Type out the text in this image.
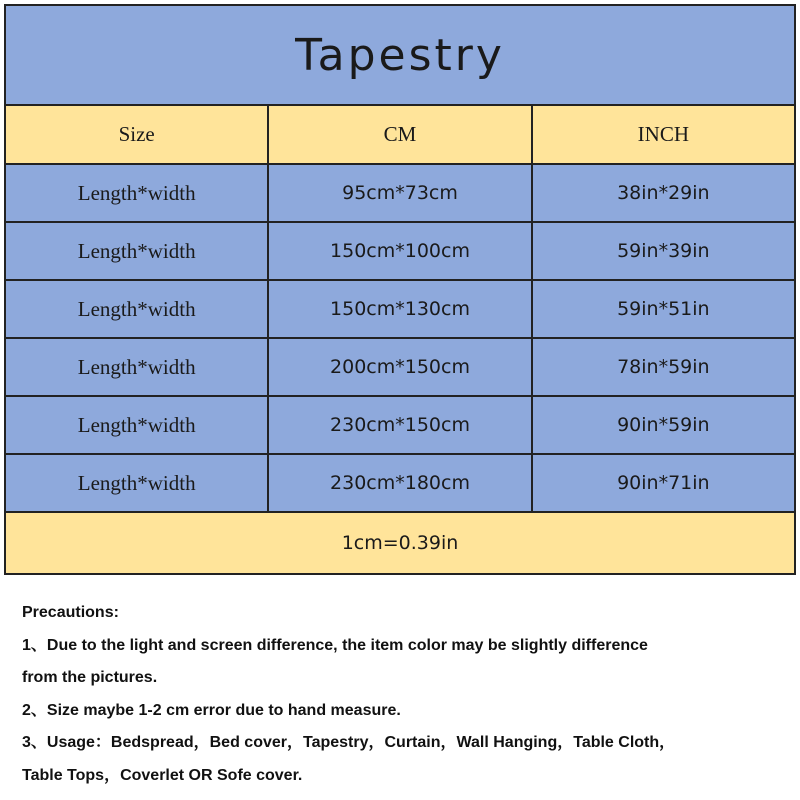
Tapestry		
Size	CM	INCH
Length*width	95cm*73cm	38in*29in
Length*width	150cm*100cm	59in*39in
Length*width	150cm*130cm	59in*51in
Length*width	200cm*150cm	78in*59in
Length*width	230cm*150cm	90in*59in
Length*width	230cm*180cm	90in*71in
1cm=0.39in		
Precautions:
1、Due to the light and screen difference, the item color may be slightly difference
from the pictures.
2、Size maybe 1-2 cm error due to hand measure.
3、Usage：Bedspread，Bed cover，Tapestry，Curtain，Wall Hanging，Table Cloth，
Table Tops，Coverlet OR Sofe cover.
